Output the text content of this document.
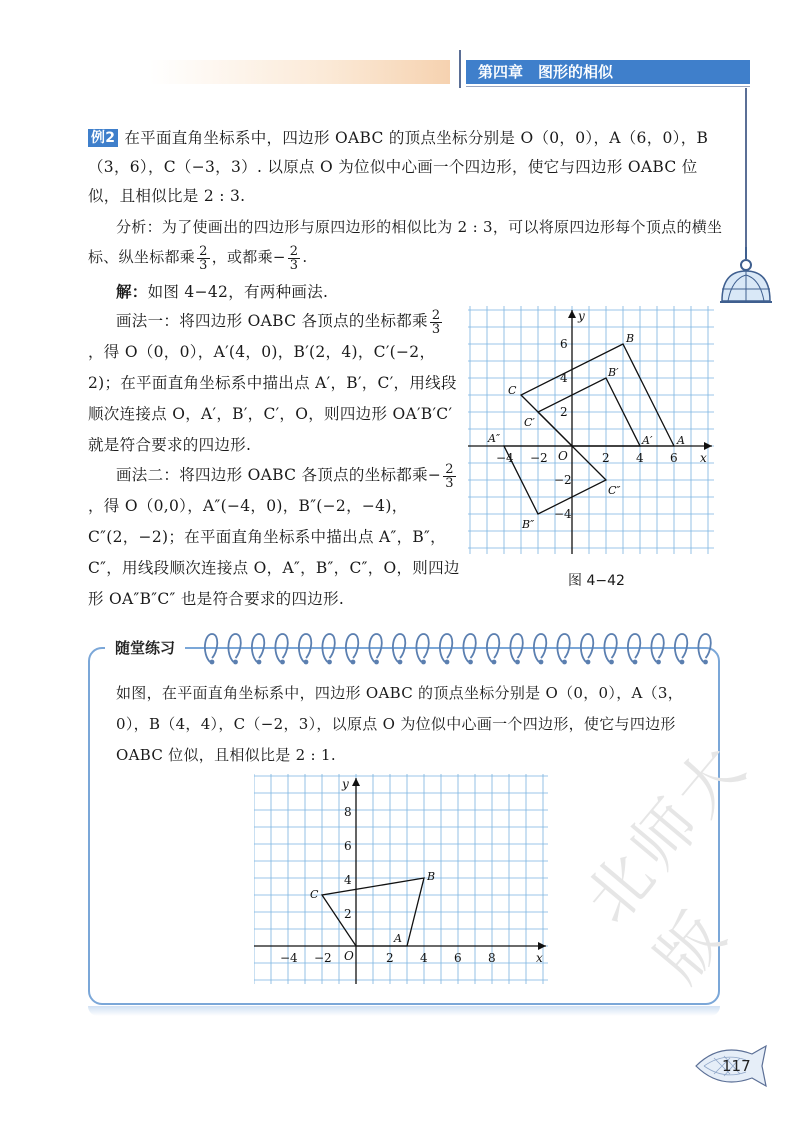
第四章　图形的相似
例2 在平面直角坐标系中，四边形 OABC 的顶点坐标分别是 O（0，0），A（6，0），B（3，6），C（−3，3）. 以原点 O 为位似中心画一个四边形，使它与四边形 OABC 位似，且相似比是 2 : 3.
分析：为了使画出的四边形与原四边形的相似比为 2 : 3，可以将原四边形每个顶点的横坐标、纵坐标都乘 $\frac{2}{3}$ ，或都乘− $\frac{2}{3}$ .
解：如图 4−42，有两种画法.
画法一：将四边形 OABC 各顶点的坐标都乘 $\frac{2}{3}$
，得 O（0，0），A′(4，0)，B′(2，4)，C′(−2，2)；在平面直角坐标系中描出点 A′，B′，C′，用线段顺次连接点 O，A′，B′，C′，O，则四边形 OA′B′C′ 就是符合要求的四边形.
画法二：将四边形 OABC 各顶点的坐标都乘− $\frac{2}{3}$
，得 O（0,0），A″(−4，0)，B″(−2，−4)，C″(2，−2)；在平面直角坐标系中描出点 A″，B″，C″，用线段顺次连接点 O，A″，B″，C″，O，则四边形 OA″B″C″ 也是符合要求的四边形.
x
y
O
−4 −2	2 4 6
6
4
2
−2
−4
A
B
C
A′
B′
C′
A″
B″
C″
图 4−42
随堂练习
如图，在平面直角坐标系中，四边形 OABC 的顶点坐标分别是 O（0，0），A（3，0），B（4，4），C（−2，3），以原点 O 为位似中心画一个四边形，使它与四边形 OABC 位似，且相似比是 2 : 1.
x
y
O
−4 −2	2 4 6 8
8
6
4
2
A
B
C	北师大版
117
